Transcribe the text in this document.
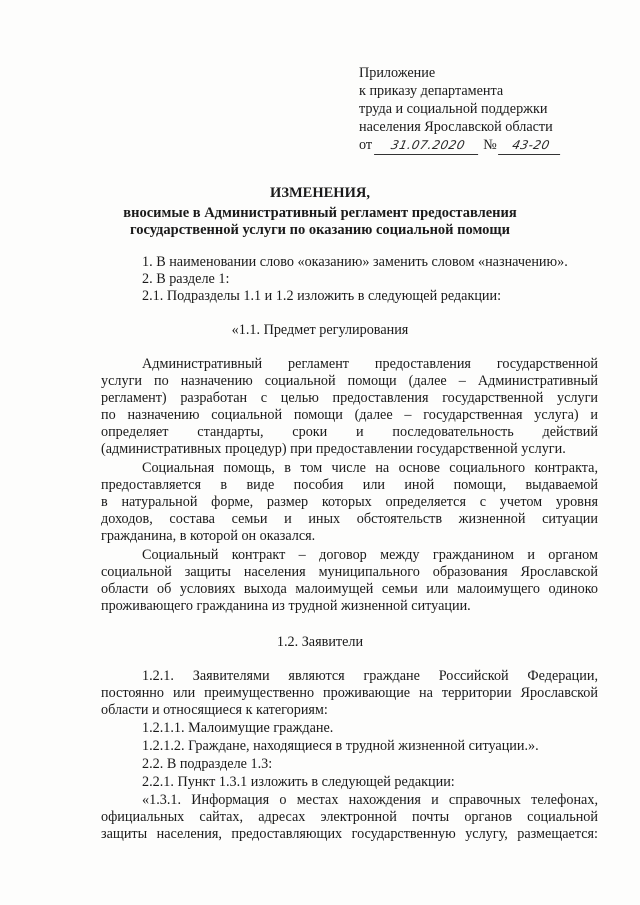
Приложение
к приказу департамента
труда и социальной поддержки
населения Ярославской области
от 31.07.2020 № 43-20
ИЗМЕНЕНИЯ,
вносимые в Административный регламент предоставления
государственной услуги по оказанию социальной помощи
1. В наименовании слово «оказанию» заменить словом «назначению».
2. В разделе 1:
2.1. Подразделы 1.1 и 1.2 изложить в следующей редакции:
«1.1. Предмет регулирования
Административный регламент предоставления государственной
услуги по назначению социальной помощи (далее – Административный
регламент) разработан с целью предоставления государственной услуги
по назначению социальной помощи (далее – государственная услуга) и
определяет стандарты, сроки и последовательность действий
(административных процедур) при предоставлении государственной услуги.
Социальная помощь, в том числе на основе социального контракта,
предоставляется в виде пособия или иной помощи, выдаваемой
в натуральной форме, размер которых определяется с учетом уровня
доходов, состава семьи и иных обстоятельств жизненной ситуации
гражданина, в которой он оказался.
Социальный контракт – договор между гражданином и органом
социальной защиты населения муниципального образования Ярославской
области об условиях выхода малоимущей семьи или малоимущего одиноко
проживающего гражданина из трудной жизненной ситуации.
1.2. Заявители
1.2.1. Заявителями являются граждане Российской Федерации,
постоянно или преимущественно проживающие на территории Ярославской
области и относящиеся к категориям:
1.2.1.1. Малоимущие граждане.
1.2.1.2. Граждане, находящиеся в трудной жизненной ситуации.».
2.2. В подразделе 1.3:
2.2.1. Пункт 1.3.1 изложить в следующей редакции:
«1.3.1. Информация о местах нахождения и справочных телефонах,
официальных сайтах, адресах электронной почты органов социальной
защиты населения, предоставляющих государственную услугу, размещается:
